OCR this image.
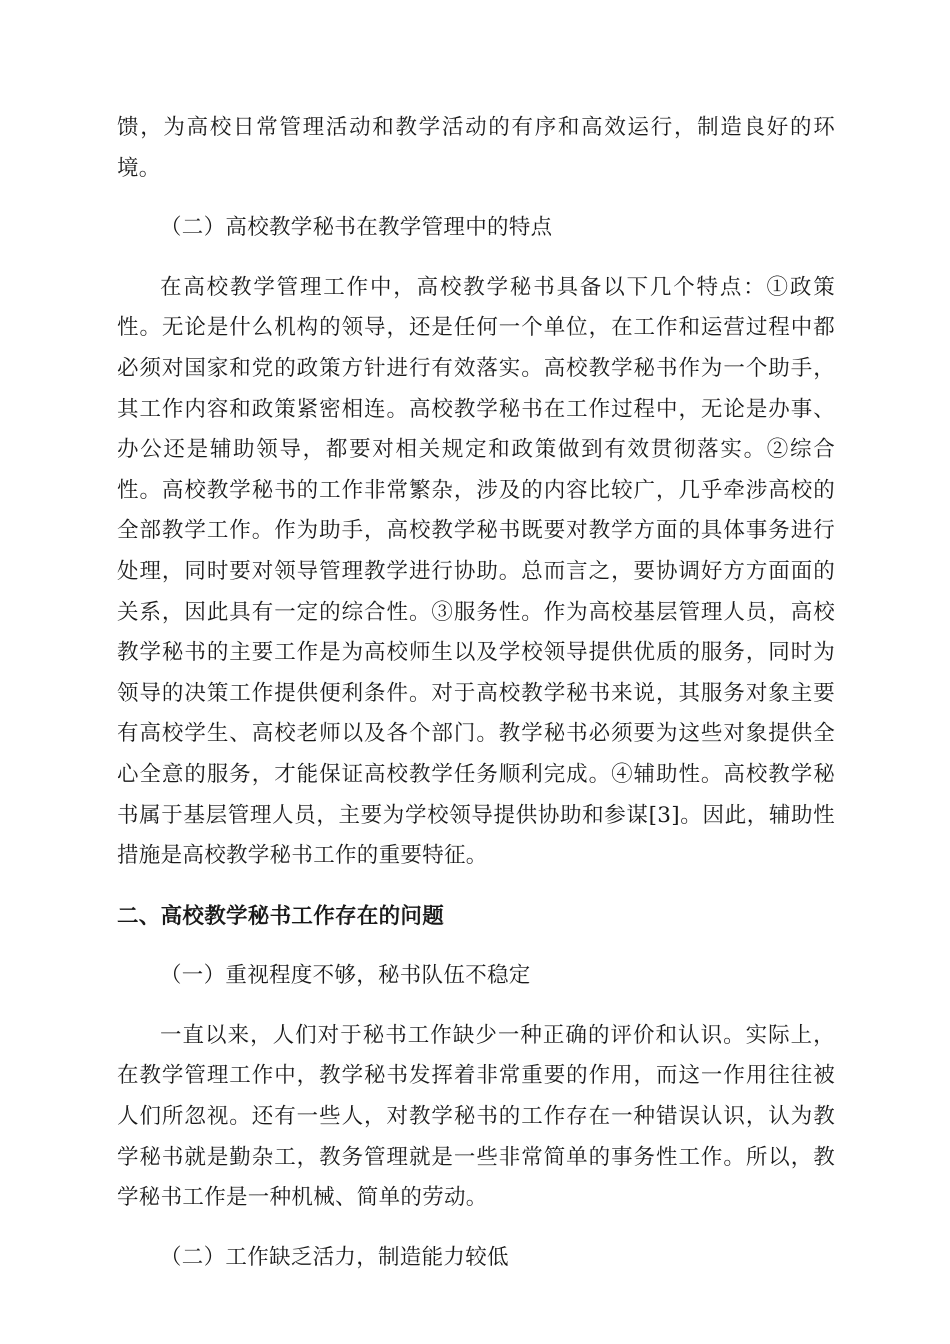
馈，为高校日常管理活动和教学活动的有序和高效运行，制造良好的环境。

（二）高校教学秘书在教学管理中的特点

在高校教学管理工作中，高校教学秘书具备以下几个特点：①政策性。无论是什么机构的领导，还是任何一个单位，在工作和运营过程中都必须对国家和党的政策方针进行有效落实。高校教学秘书作为一个助手，其工作内容和政策紧密相连。高校教学秘书在工作过程中，无论是办事、办公还是辅助领导，都要对相关规定和政策做到有效贯彻落实。②综合性。高校教学秘书的工作非常繁杂，涉及的内容比较广，几乎牵涉高校的全部教学工作。作为助手，高校教学秘书既要对教学方面的具体事务进行处理，同时要对领导管理教学进行协助。总而言之，要协调好方方面面的关系，因此具有一定的综合性。③服务性。作为高校基层管理人员，高校教学秘书的主要工作是为高校师生以及学校领导提供优质的服务，同时为领导的决策工作提供便利条件。对于高校教学秘书来说，其服务对象主要有高校学生、高校老师以及各个部门。教学秘书必须要为这些对象提供全心全意的服务，才能保证高校教学任务顺利完成。④辅助性。高校教学秘书属于基层管理人员，主要为学校领导提供协助和参谋[3]。因此，辅助性措施是高校教学秘书工作的重要特征。

二、高校教学秘书工作存在的问题

（一）重视程度不够，秘书队伍不稳定

一直以来，人们对于秘书工作缺少一种正确的评价和认识。实际上，在教学管理工作中，教学秘书发挥着非常重要的作用，而这一作用往往被人们所忽视。还有一些人，对教学秘书的工作存在一种错误认识，认为教学秘书就是勤杂工，教务管理就是一些非常简单的事务性工作。所以，教学秘书工作是一种机械、简单的劳动。

（二）工作缺乏活力，制造能力较低
